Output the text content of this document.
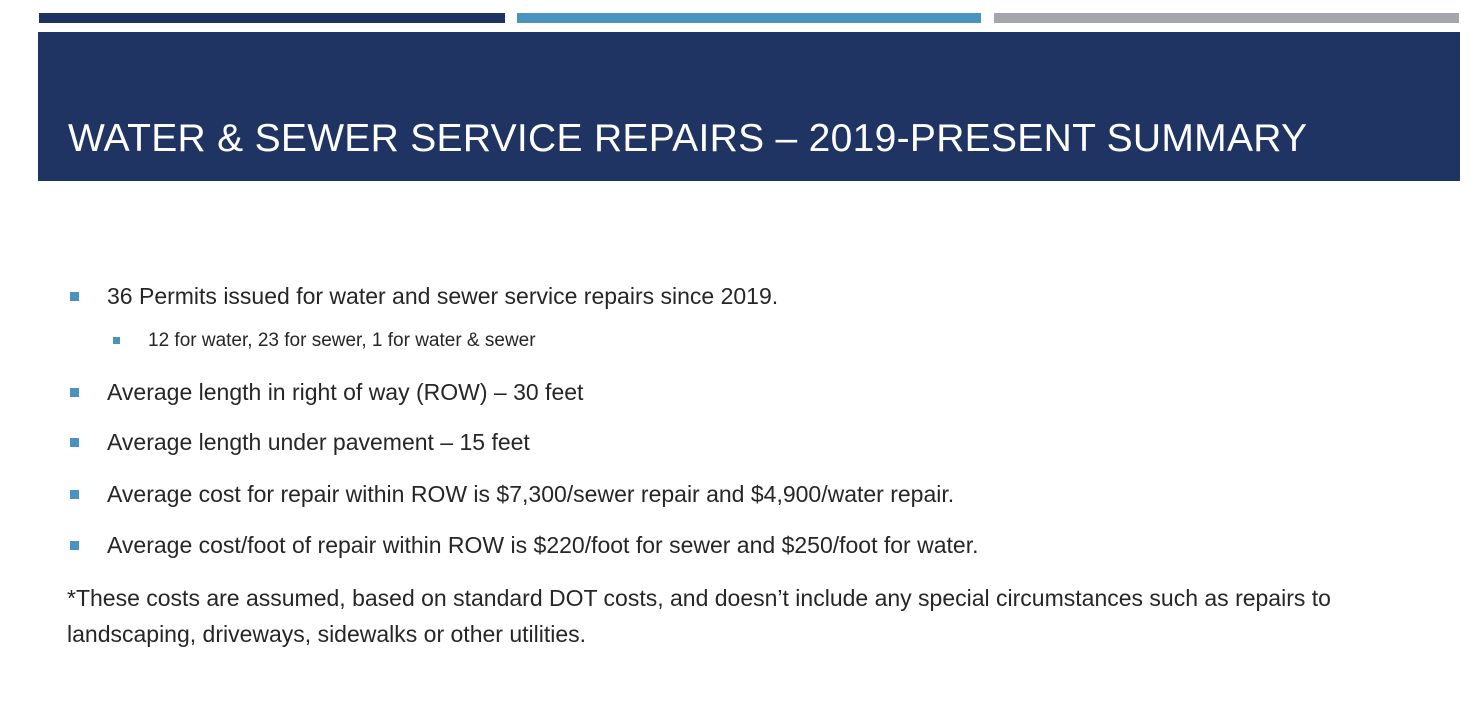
WATER & SEWER SERVICE REPAIRS – 2019-PRESENT SUMMARY
36 Permits issued for water and sewer service repairs since 2019.
12 for water, 23 for sewer, 1 for water & sewer
Average length in right of way (ROW) – 30 feet
Average length under pavement – 15 feet
Average cost for repair within ROW is $7,300/sewer repair and $4,900/water repair.
Average cost/foot of repair within ROW is $220/foot for sewer and $250/foot for water.

*These costs are assumed, based on standard DOT costs, and doesn’t include any special circumstances such as repairs to landscaping, driveways, sidewalks or other utilities.
